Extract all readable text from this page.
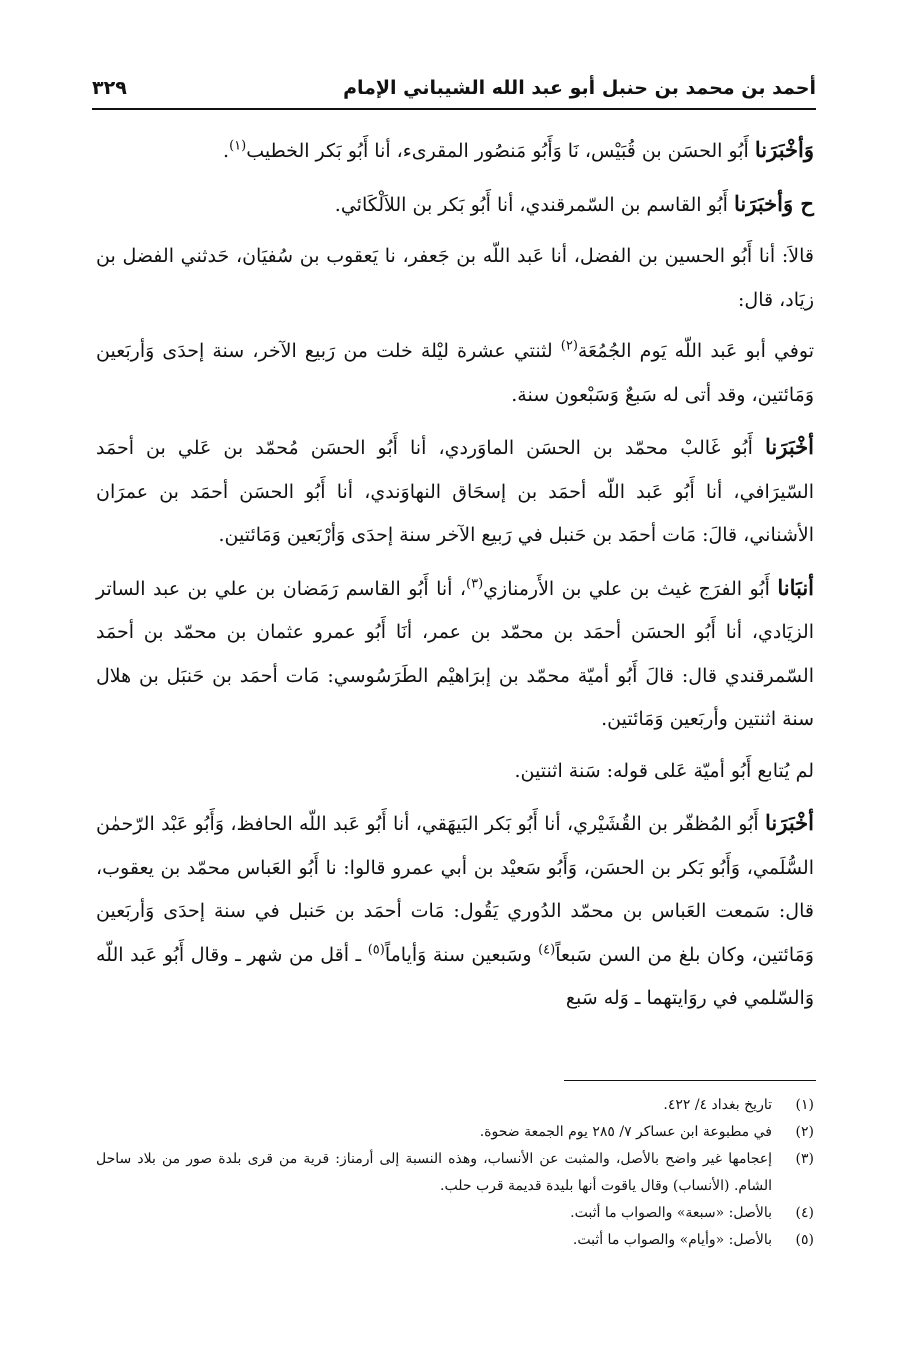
أحمد بن محمد بن حنبل أبو عبد الله الشيباني الإمام
٣٢٩

وَأخْبَرَنا أَبُو الحسَن بن قُبَيْس، نَا وَأَبُو مَنصُور المقرىء، أنا أَبُو بَكر الخطيب$^{(١)}$.

ح وَأخبَرَنا أَبُو القاسم بن السّمرقندي، أنا أَبُو بَكر بن اللاَلْكَائي.

قالاَ: أنا أَبُو الحسين بن الفضل، أنا عَبد اللّه بن جَعفر، نا يَعقوب بن سُفيَان، حَدثني الفضل بن زيَاد، قال:

توفي أبو عَبد اللّه يَوم الجُمُعَة$^{(٢)}$ لثنتي عشرة ليْلة خلت من رَبيع الآخر، سنة إحدَى وَأربَعين وَمَائتين، وقد أتى له سَبعٌ وَسَبْعون سنة.

أخْبَرَنا أَبُو غَالبْ محمّد بن الحسَن الماوَردي، أنا أَبُو الحسَن مُحمّد بن عَلي بن أحمَد السّيرَافي، أنا أَبُو عَبد اللّه أحمَد بن إسحَاق النهاوَندي، أنا أَبُو الحسَن أحمَد بن عمرَان الأشناني، قالَ: مَات أحمَد بن حَنبل في رَبيع الآخر سنة إحدَى وَأرْبَعين وَمَائتين.

أنبَانا أَبُو الفرَج غيث بن علي بن الأَرمنازي$^{(٣)}$، أنا أَبُو القاسم رَمَضان بن علي بن عبد الساتر الزيَادي، أنا أَبُو الحسَن أحمَد بن محمّد بن عمر، أنَا أَبُو عمرو عثمان بن محمّد بن أحمَد السّمرقندي قال: قالَ أَبُو أميّة محمّد بن إبرَاهيْم الطَرَسُوسي: مَات أحمَد بن حَنبَل بن هلال سنة اثنتين وأربَعين وَمَائتين.

لم يُتابع أَبُو أميّة عَلى قوله: سَنة اثنتين.

أخْبَرَنا أَبُو المُظفّر بن القُشَيْري، أنا أَبُو بَكر البَيهَقي، أنا أَبُو عَبد اللّه الحافظ، وَأَبُو عَبْد الرّحمٰن السُّلَمي، وَأَبُو بَكر بن الحسَن، وَأَبُو سَعيْد بن أبي عمرو قالوا: نا أَبُو العَباس محمّد بن يعقوب، قال: سَمعت العَباس بن محمّد الدُوري يَقُول: مَات أحمَد بن حَنبل في سنة إحدَى وَأربَعين وَمَائتين، وكان بلغ من السن سَبعاً$^{(٤)}$ وسَبعين سنة وَأياماً$^{(٥)}$ ـ أقل من شهر ـ وقال أَبُو عَبد اللّه وَالسّلمي في روَايتهما ـ وَله سَبع

(١)
تاريخ بغداد ٤/ ٤٢٢.

(٢)
في مطبوعة ابن عساكر ٧/ ٢٨٥ يوم الجمعة ضحوة.

(٣)
إعجامها غير واضح بالأصل، والمثبت عن الأنساب، وهذه النسبة إلى أرمناز: قرية من قرى بلدة صور من بلاد ساحل الشام. (الأنساب) وقال ياقوت أنها بليدة قديمة قرب حلب.

(٤)
بالأصل: «سبعة» والصواب ما أثبت.

(٥)
بالأصل: «وأيام» والصواب ما أثبت.
